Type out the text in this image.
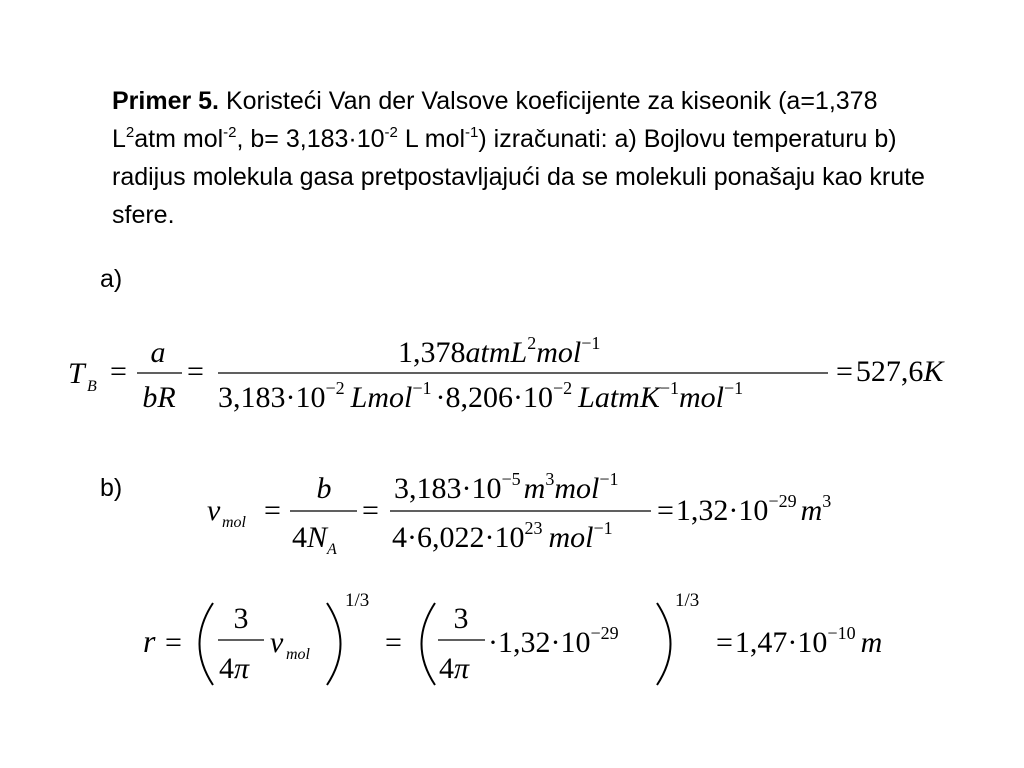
Primer 5. Koristeći Van der Valsove koeficijente za kiseonik (a=1,378 $L^2atm$ mol$^{-2}$, $b= 3,183\cdot 10^{-2}$ L mol$^{-1}$) izračunati: a) Bojlovu temperaturu b) radijus molekula gasa pretpostavljajući da se molekuli ponašaju kao krute sfere.
a)
b)
T B =
a
bR
=
1,378atmL$^2$mol$^{-1}$
$3,183\cdot 10^{-2}$ Lmol$^{-1}$ $\cdot 8,206\cdot 10^{-2}$ LatmK$^{-1}$mol$^{-1}$	= 527,6K
v mol =
b
$4N_A$
=
$3,183\cdot 10^{-5}$ $m^3mol^{-1}$
$4\cdot 6,022\cdot 10^{23}$ mol$^{-1}$
$=1,32\cdot 10^{-29}$ $m^3$
r =
3
4π
v mol
1/3
=
3
4π
$\cdot 1,32\cdot 10^{-29}$
1/3
$=1,47\cdot 10^{-10}$ m
